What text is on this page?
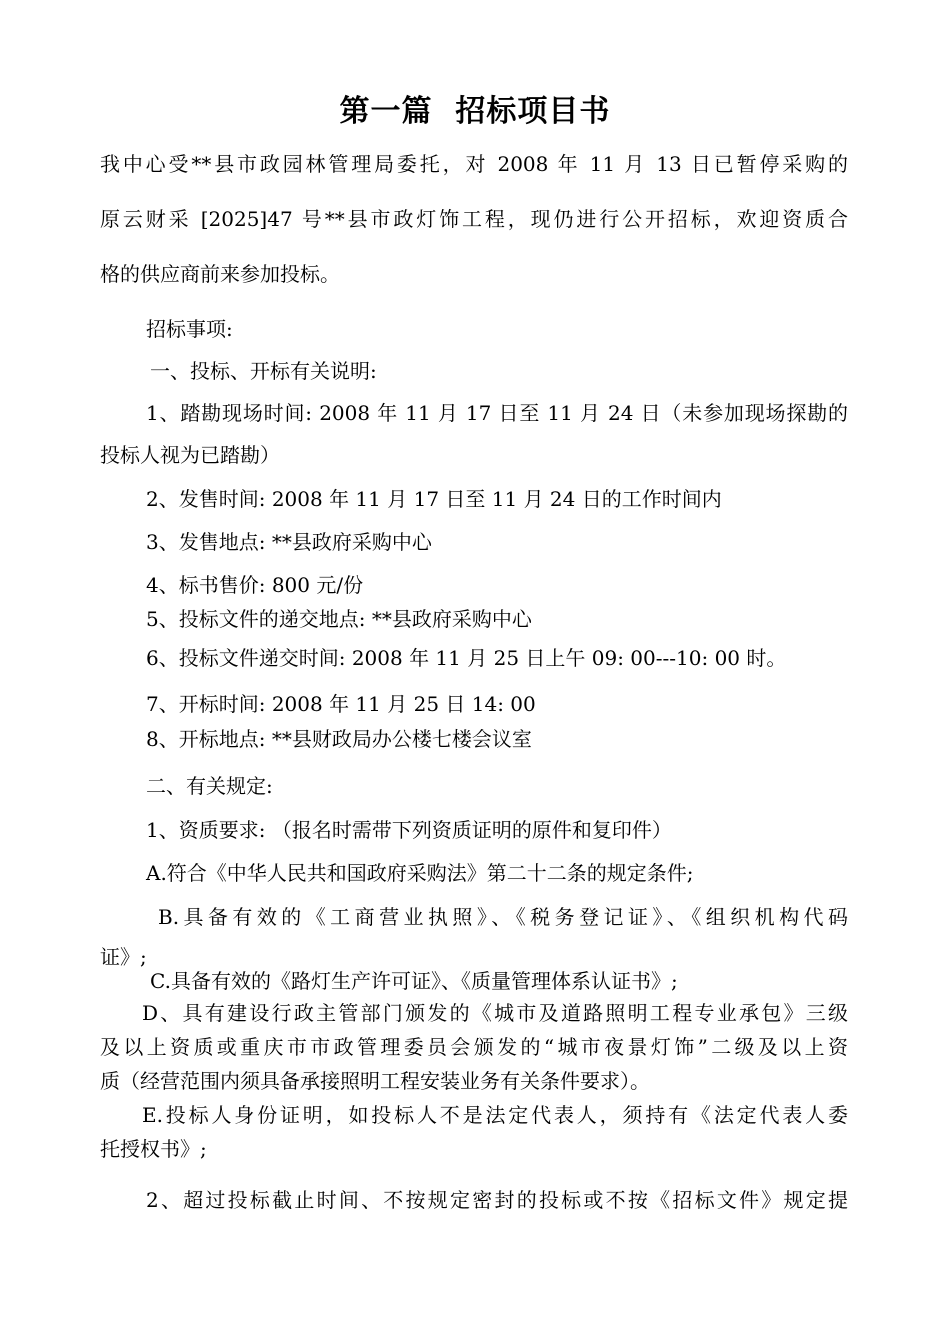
第一篇  招标项目书
我中心受**县市政园林管理局委托，对 2008 年 11 月 13 日已暂停采购的
原云财采 [2025]47 号**县市政灯饰工程，现仍进行公开招标，欢迎资质合
格的供应商前来参加投标。
招标事项:
一、投标、开标有关说明:
1、踏勘现场时间: 2008 年 11 月 17 日至 11 月 24 日（未参加现场探勘的
投标人视为已踏勘）
2、发售时间: 2008 年 11 月 17 日至 11 月 24 日的工作时间内
3、发售地点: **县政府采购中心
4、标书售价: 800 元/份
5、投标文件的递交地点: **县政府采购中心
6、投标文件递交时间: 2008 年 11 月 25 日上午 09: 00---10: 00 时。
7、开标时间: 2008 年 11 月 25 日 14: 00
8、开标地点: **县财政局办公楼七楼会议室
二、有关规定:
1、资质要求: （报名时需带下列资质证明的原件和复印件）
A.符合《中华人民共和国政府采购法》第二十二条的规定条件;
B.具备有效的《工商营业执照》、《税务登记证》、《组织机构代码
证》;
C.具备有效的《路灯生产许可证》、《质量管理体系认证书》;
D、具有建设行政主管部门颁发的《城市及道路照明工程专业承包》三级
及以上资质或重庆市市政管理委员会颁发的“城市夜景灯饰”二级及以上资
质（经营范围内须具备承接照明工程安装业务有关条件要求）。
E.投标人身份证明，如投标人不是法定代表人，须持有《法定代表人委
托授权书》;
2、超过投标截止时间、不按规定密封的投标或不按《招标文件》规定提
